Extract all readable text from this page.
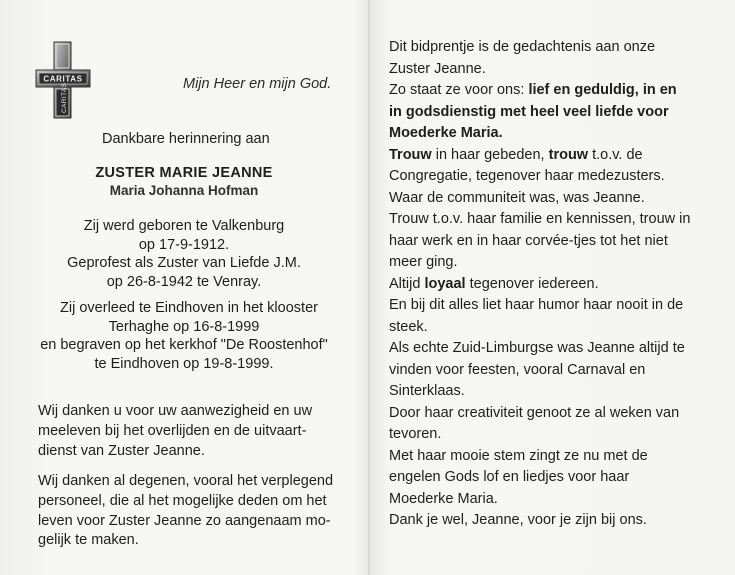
CARITAS
CARITAS	Mijn Heer en mijn God.
Dankbare herinnering aan
ZUSTER MARIE JEANNE
Maria Johanna Hofman
Zij werd geboren te Valkenburg
op 17-9-1912.
Geprofest als Zuster van Liefde J.M.
op 26-8-1942 te Venray.
Zij overleed te Eindhoven in het klooster
Terhaghe op 16-8-1999
en begraven op het kerkhof "De Roostenhof"
te Eindhoven op 19-8-1999.
Wij danken u voor uw aanwezigheid en uw
meeleven bij het overlijden en de uitvaart-
dienst van Zuster Jeanne.
Wij danken al degenen, vooral het verplegend
personeel, die al het mogelijke deden om het
leven voor Zuster Jeanne zo aangenaam mo-
gelijk te maken.
Dit bidprentje is de gedachtenis aan onze
Zuster Jeanne.
Zo staat ze voor ons: lief en geduldig, in en
in godsdienstig met heel veel liefde voor
Moederke Maria.
Trouw in haar gebeden, trouw t.o.v. de
Congregatie, tegenover haar medezusters.
Waar de communiteit was, was Jeanne.
Trouw t.o.v. haar familie en kennissen, trouw in
haar werk en in haar corvée-tjes tot het niet
meer ging.
Altijd loyaal tegenover iedereen.
En bij dit alles liet haar humor haar nooit in de
steek.
Als echte Zuid-Limburgse was Jeanne altijd te
vinden voor feesten, vooral Carnaval en
Sinterklaas.
Door haar creativiteit genoot ze al weken van
tevoren.
Met haar mooie stem zingt ze nu met de
engelen Gods lof en liedjes voor haar
Moederke Maria.
Dank je wel, Jeanne, voor je zijn bij ons.
